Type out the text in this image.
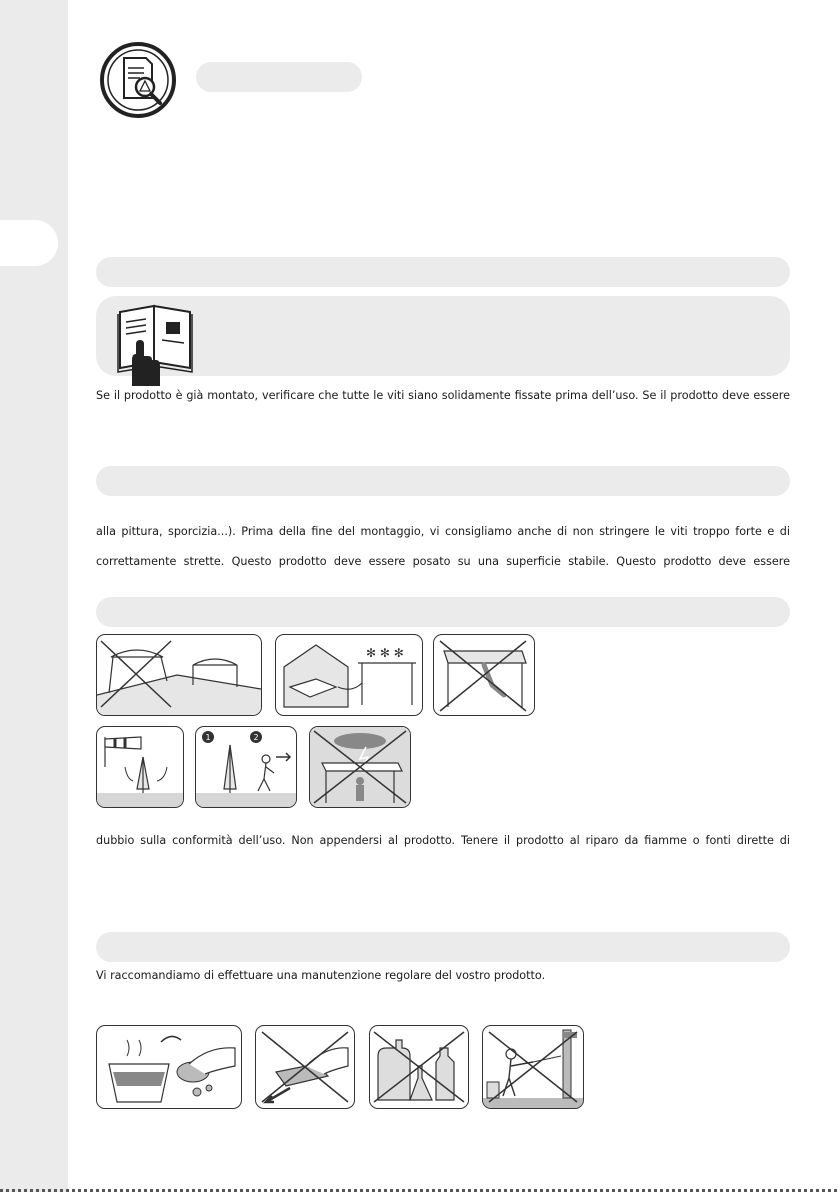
Se il prodotto è già montato, verificare che tutte le viti siano solidamente fissate prima dell’uso. Se il prodotto deve essere
alla pittura, sporcizia...). Prima della fine del montaggio, vi consigliamo anche di non stringere le viti troppo forte e di
correttamente strette. Questo prodotto deve essere posato su una superficie stabile. Questo prodotto deve essere
✻ ✻ ✻
1	2
dubbio sulla conformità dell’uso. Non appendersi al prodotto. Tenere il prodotto al riparo da fiamme o fonti dirette di
Vi raccomandiamo di effettuare una manutenzione regolare del vostro prodotto.
